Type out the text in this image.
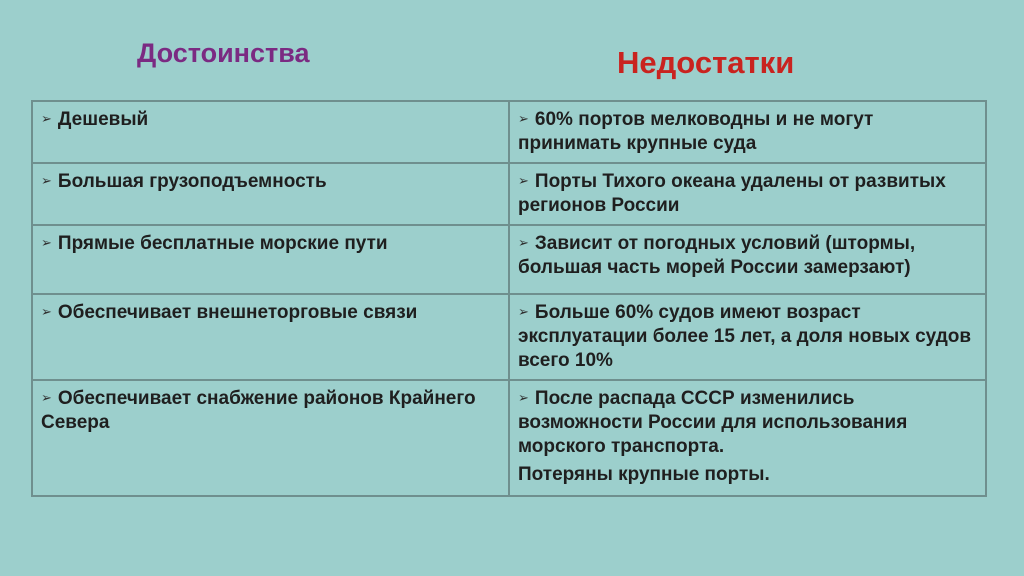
Достоинства	Недостатки
➢ Дешевый	➢ 60% портов мелководны и не могут принимать крупные суда
➢ Большая грузоподъемность	➢ Порты Тихого океана удалены от развитых регионов России
➢ Прямые бесплатные морские пути	➢ Зависит от погодных условий (штормы, большая часть морей России замерзают)
➢ Обеспечивает внешнеторговые связи	➢ Больше 60% судов имеют возраст эксплуатации более 15 лет, а доля новых судов всего 10%
➢ Обеспечивает снабжение районов Крайнего Севера	➢ После распада СССР изменились возможности России для использования морского транспорта.
Потеряны крупные порты.
